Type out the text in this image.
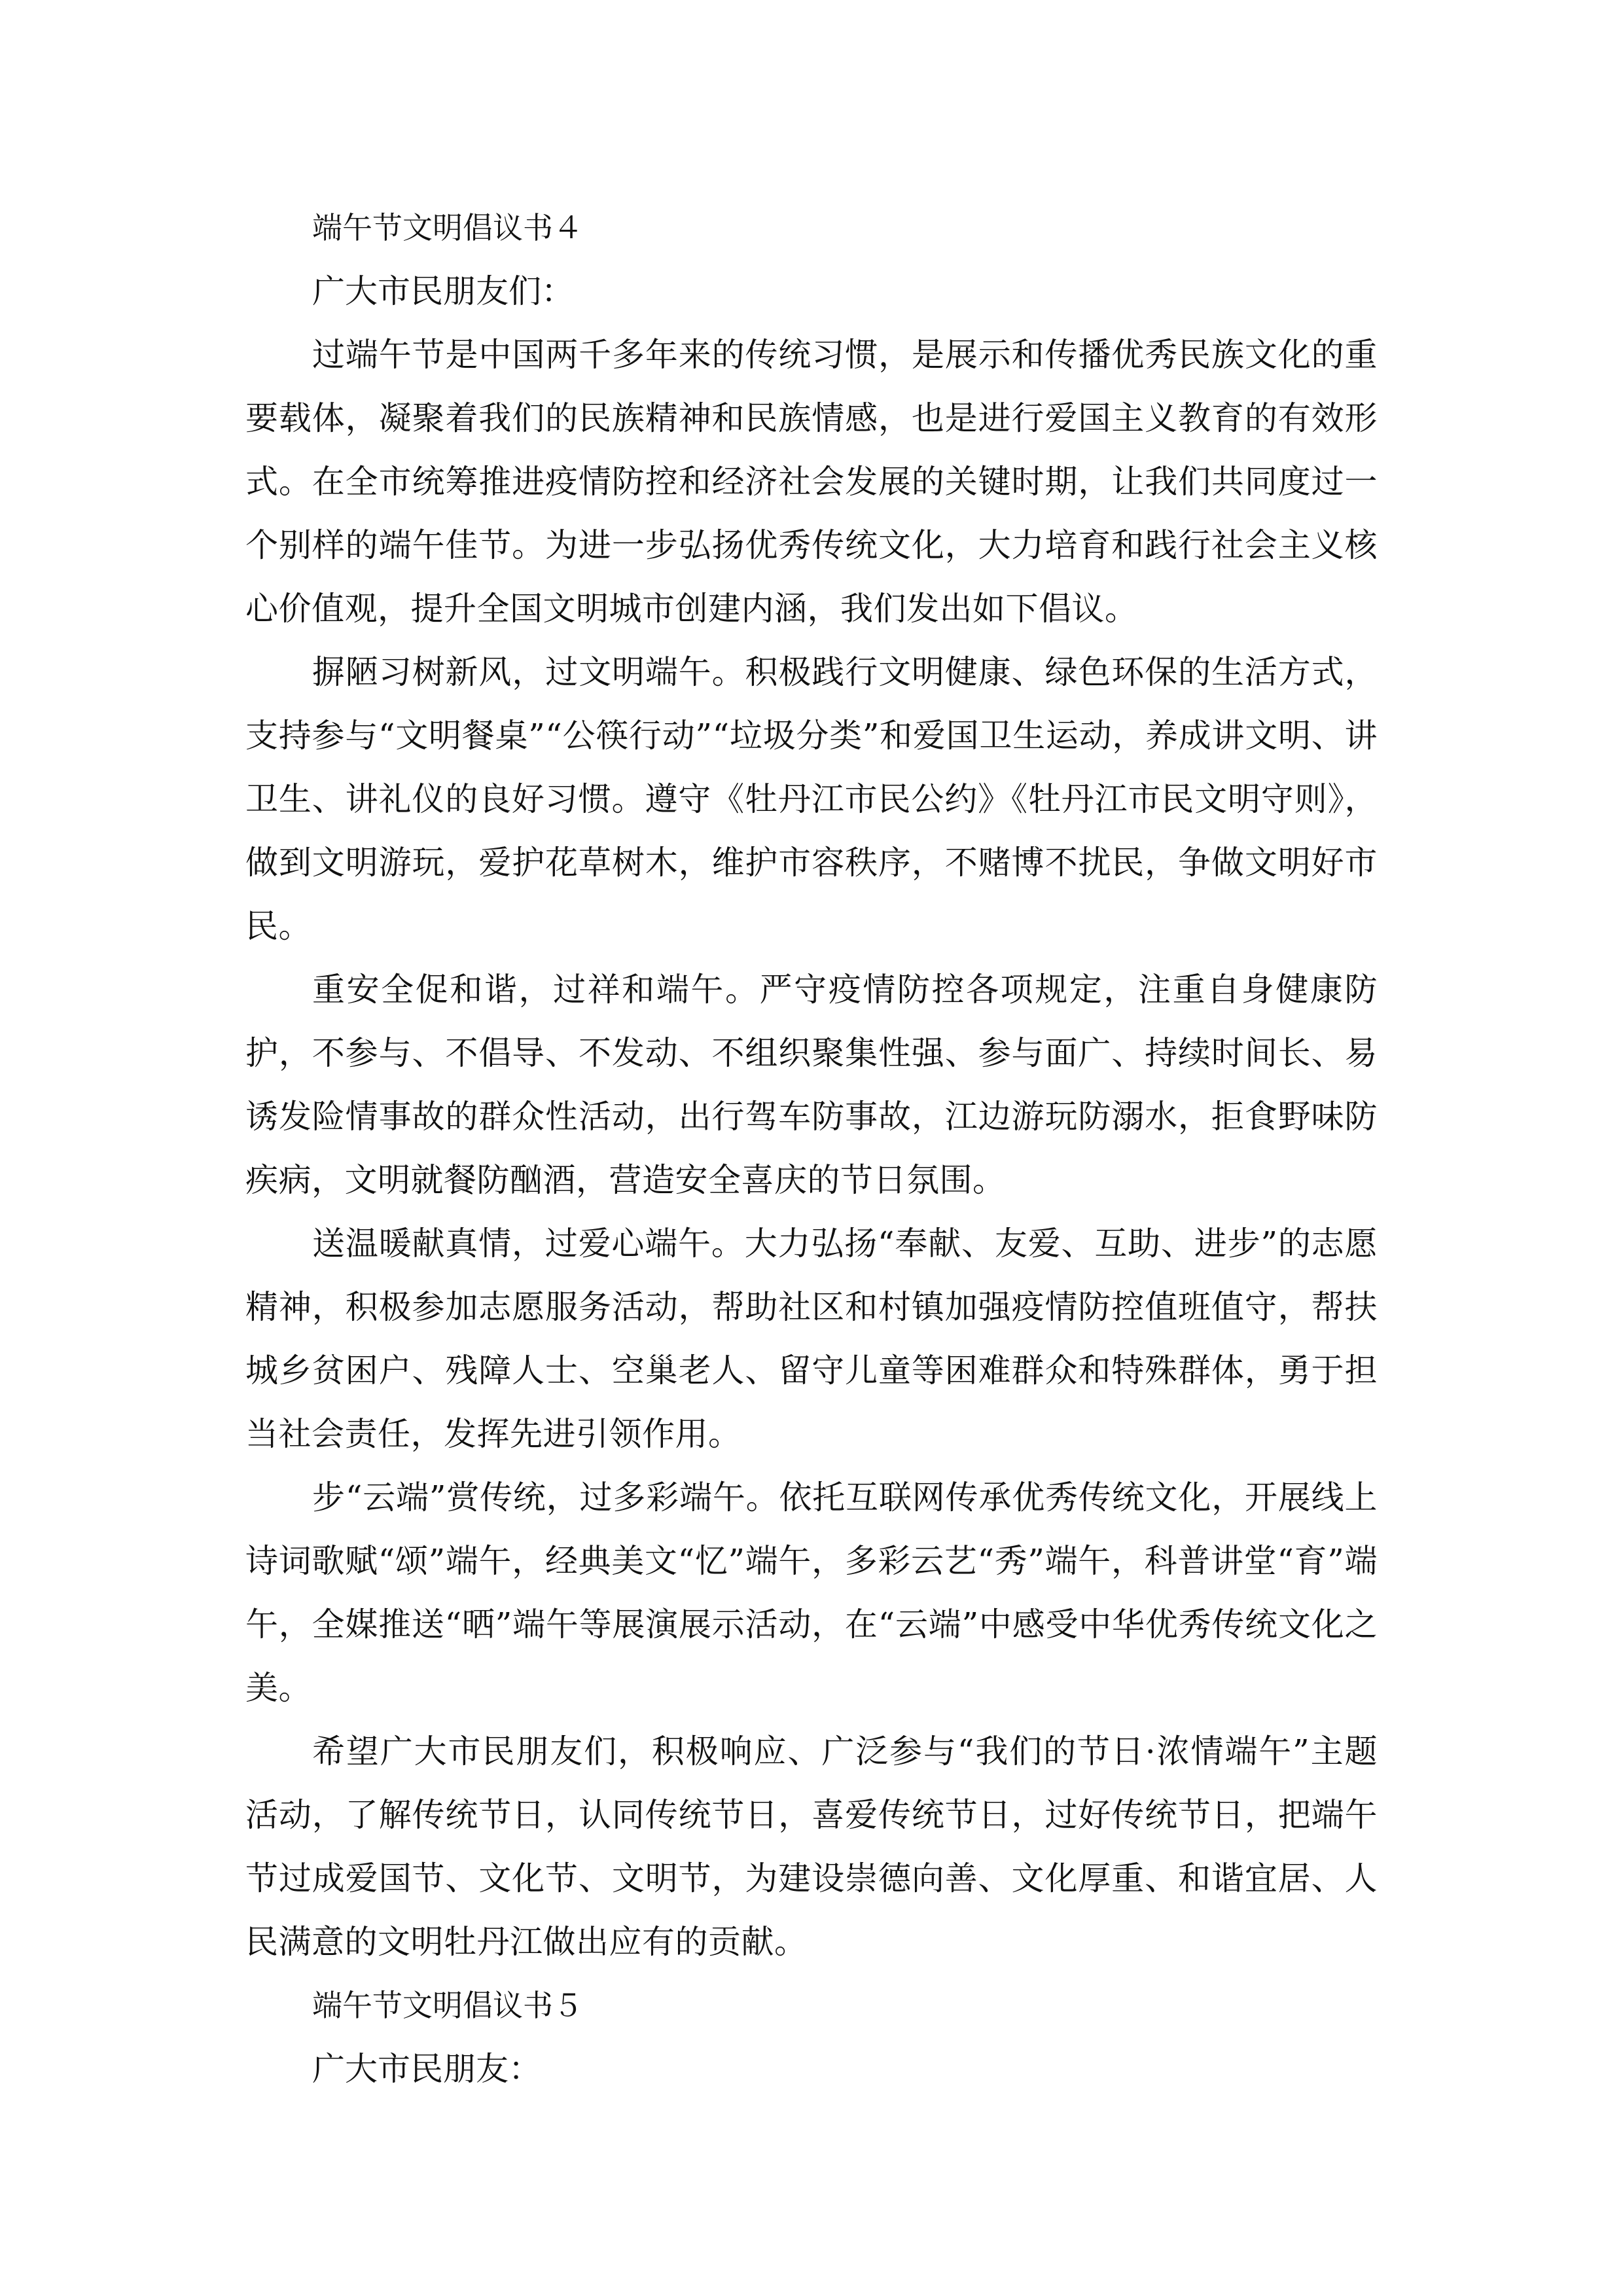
端午节文明倡议书４

广大市民朋友们：

过端午节是中国两千多年来的传统习惯，是展示和传播优秀民族文化的重要载体，凝聚着我们的民族精神和民族情感，也是进行爱国主义教育的有效形式。在全市统筹推进疫情防控和经济社会发展的关键时期，让我们共同度过一个别样的端午佳节。为进一步弘扬优秀传统文化，大力培育和践行社会主义核心价值观，提升全国文明城市创建内涵，我们发出如下倡议。

摒陋习树新风，过文明端午。积极践行文明健康、绿色环保的生活方式，支持参与“文明餐桌”“公筷行动”“垃圾分类”和爱国卫生运动，养成讲文明、讲卫生、讲礼仪的良好习惯。遵守《牡丹江市民公约》《牡丹江市民文明守则》，做到文明游玩，爱护花草树木，维护市容秩序，不赌博不扰民，争做文明好市民。

重安全促和谐，过祥和端午。严守疫情防控各项规定，注重自身健康防护，不参与、不倡导、不发动、不组织聚集性强、参与面广、持续时间长、易诱发险情事故的群众性活动，出行驾车防事故，江边游玩防溺水，拒食野味防疾病，文明就餐防酗酒，营造安全喜庆的节日氛围。

送温暖献真情，过爱心端午。大力弘扬“奉献、友爱、互助、进步”的志愿精神，积极参加志愿服务活动，帮助社区和村镇加强疫情防控值班值守，帮扶城乡贫困户、残障人士、空巢老人、留守儿童等困难群众和特殊群体，勇于担当社会责任，发挥先进引领作用。

步“云端”赏传统，过多彩端午。依托互联网传承优秀传统文化，开展线上诗词歌赋“颂”端午，经典美文“忆”端午，多彩云艺“秀”端午，科普讲堂“育”端午，全媒推送“晒”端午等展演展示活动，在“云端”中感受中华优秀传统文化之美。

希望广大市民朋友们，积极响应、广泛参与“我们的节日·浓情端午”主题活动，了解传统节日，认同传统节日，喜爱传统节日，过好传统节日，把端午节过成爱国节、文化节、文明节，为建设崇德向善、文化厚重、和谐宜居、人民满意的文明牡丹江做出应有的贡献。

端午节文明倡议书５

广大市民朋友：
